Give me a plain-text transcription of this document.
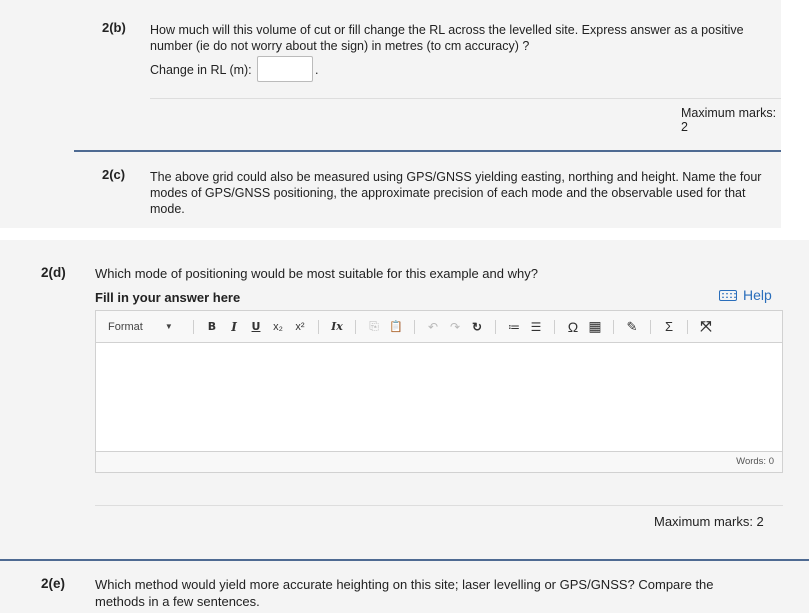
2(b) How much will this volume of cut or fill change the RL across the levelled site. Express answer as a positive
number (ie do not worry about the sign) in metres (to cm accuracy) ?
Change in RL (m):	.
Maximum marks: 2
2(c) The above grid could also be measured using GPS/GNSS yielding easting, northing and height. Name the four
modes of GPS/GNSS positioning, the approximate precision of each mode and the observable used for that
mode.
2(d) Which mode of positioning would be most suitable for this example and why?
Fill in your answer here	Help
Format	▼	B	I	U	x₂	x²	Ix	⎘ 📋	↶ ↷ ↻	≔ ☰	Ω ▦	✎	Σ	⤧
Words: 0
Maximum marks: 2
2(e) Which method would yield more accurate heighting on this site; laser levelling or GPS/GNSS? Compare the
methods in a few sentences.
